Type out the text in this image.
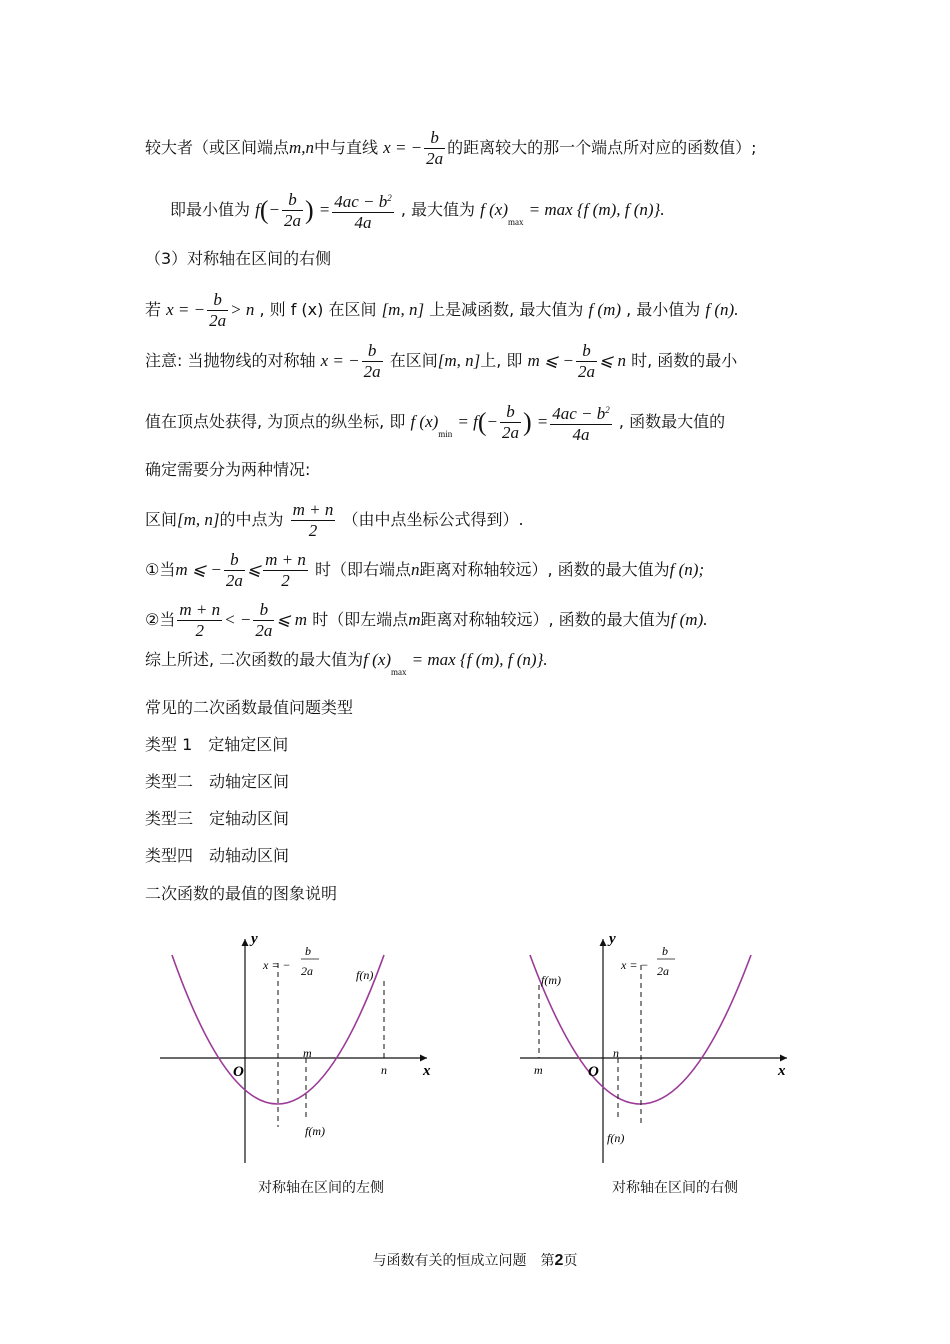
较大者（或区间端点m,n中与直线 x = − $\frac{b}{2a}$ 的距离较大的那一个端点所对应的函数值）;
即最小值为 $f(- \frac{b}{2a}$ ) = $\frac{4ac - b^2}{4a}$ , 最大值为 f $(x)_{max} = \max \{f$ (m), f (n)}.
（3）对称轴在区间的右侧
若 x = − $\frac{b}{2a} > n$ , 则 f (x) 在区间 [m, n] 上是减函数, 最大值为 f (m) , 最小值为 f (n).
注意: 当抛物线的对称轴 x = − $\frac{b}{2a}$ 在区间[m, n]上, 即 m ⩽ − $\frac{b}{2a}$ ⩽ n 时, 函数的最小
值在顶点处获得, 为顶点的纵坐标, 即 f $(x)_{min} = f(- \frac{b}{2a}$ ) = $\frac{4ac - b^2}{4a}$ , 函数最大值的
确定需要分为两种情况:
区间[m, n]的中点为 $\frac{m + n}{2}$ （由中点坐标公式得到）.
①当m ⩽ − $\frac{b}{2a}$ ⩽ $\frac{m + n}{2}$ 时（即右端点n距离对称轴较远）, 函数的最大值为f (n);
②当 $\frac{m + n}{2}$ < − $\frac{b}{2a}$ ⩽ m 时（即左端点m距离对称轴较远）, 函数的最大值为f (m).
综上所述, 二次函数的最大值为f $(x)_{max} = \max \{f$ (m), f (n)}.
常见的二次函数最值问题类型
类型 1　定轴定区间
类型二　动轴定区间
类型三　定轴动区间
类型四　动轴动区间
二次函数的最值的图象说明
y
x
O
x = −
b
2a	f(n)
m
n
f(m)
对称轴在区间的左侧
y
x
O
x = −
b
2a
f(m)
m
n
f(n)
对称轴在区间的右侧
与函数有关的恒成立问题　第2页
